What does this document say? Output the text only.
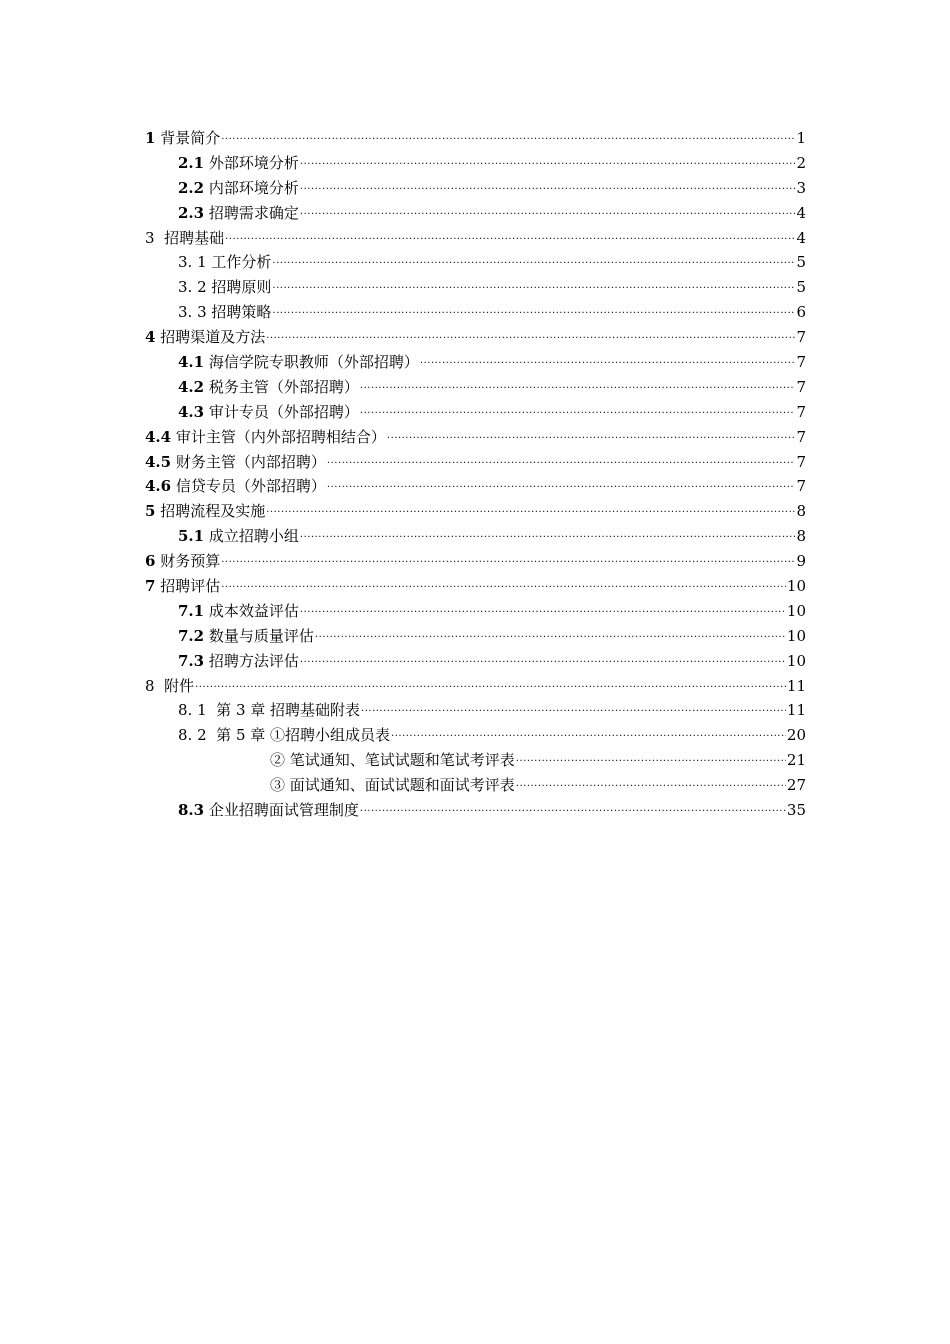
1 背景简介 .....	1
2.1 外部环境分析 .....	2
2.2 内部环境分析 .....	3
2.3 招聘需求确定 .....	4
3 招聘基础 .....	4
3. 1 工作分析 .....	5
3. 2 招聘原则 .....	5
3. 3 招聘策略 .....	6
4 招聘渠道及方法 .....	7
4.1 海信学院专职教师（外部招聘） .....	7
4.2 税务主管（外部招聘） .....	7
4.3 审计专员（外部招聘） .....	7
4.4 审计主管（内外部招聘相结合） .....	7
4.5 财务主管（内部招聘） .....	7
4.6 信贷专员（外部招聘） .....	7
5 招聘流程及实施 .....	8
5.1 成立招聘小组 .....	8
6 财务预算 .....	9
7 招聘评估 .....	10
7.1 成本效益评估 .....	10
7.2 数量与质量评估 .....	10
7.3 招聘方法评估 .....	10
8 附件 .....	11
8. 1 第 3 章 招聘基础附表 .....	11
8. 2 第 5 章 ①招聘小组成员表 .....	20
② 笔试通知、笔试试题和笔试考评表 .....	21
③ 面试通知、面试试题和面试考评表 .....	27
8.3 企业招聘面试管理制度 .....	35
